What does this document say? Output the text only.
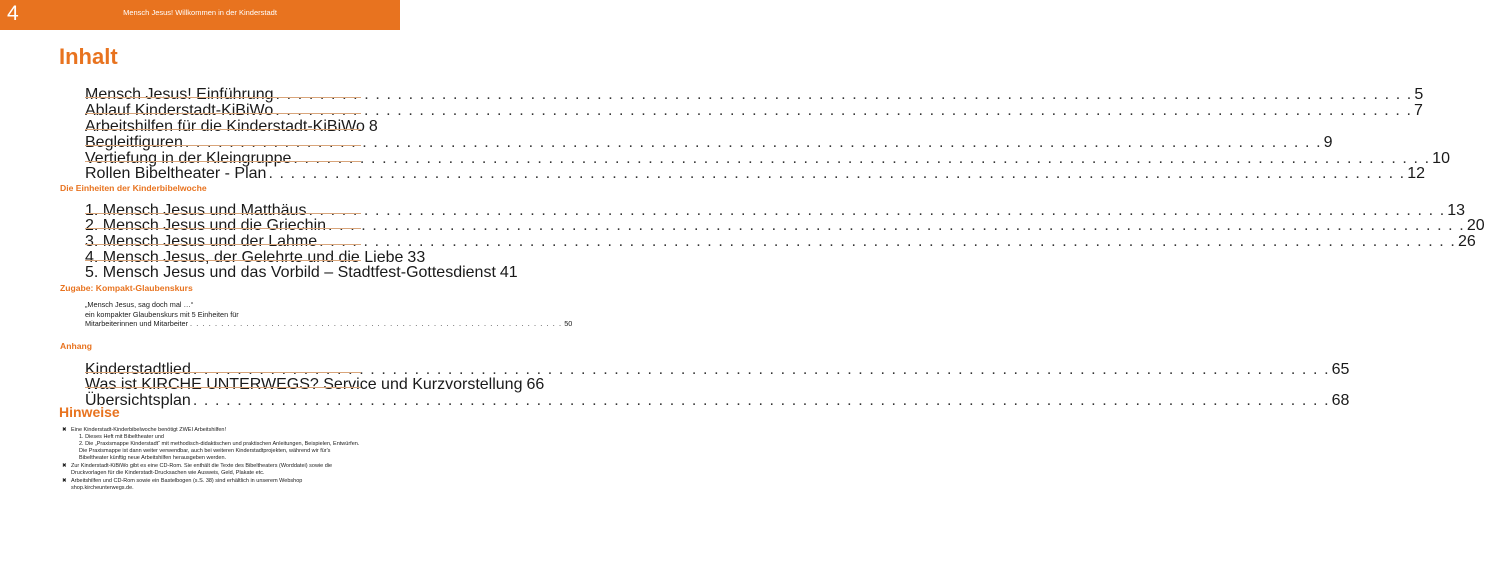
4	Mensch Jesus! Willkommen in der Kinderstadt
Inhalt
Mensch Jesus! Einführung . . .	5
Ablauf Kinderstadt-KiBiWo . . .	7
Arbeitshilfen für die Kinderstadt-KiBiWo 8
Begleitfiguren . . .	9
Vertiefung in der Kleingruppe . . .	10
Rollen Bibeltheater - Plan . . .	12
Die Einheiten der Kinderbibelwoche
1. Mensch Jesus und Matthäus . . .	13
2. Mensch Jesus und die Griechin . . .	20
3. Mensch Jesus und der Lahme . . .	26
4. Mensch Jesus, der Gelehrte und die Liebe 33
5. Mensch Jesus und das Vorbild – Stadtfest-Gottesdienst 41
Zugabe: Kompakt-Glaubenskurs
„Mensch Jesus, sag doch mal …“
ein kompakter Glaubenskurs mit 5 Einheiten für
Mitarbeiterinnen und Mitarbeiter . . .	50
Anhang
Kinderstadtlied . . .	65
Was ist KIRCHE UNTERWEGS? Service und Kurzvorstellung 66
Übersichtsplan . . .	68
Hinweise
✖ Eine Kinderstadt-Kinderbibelwoche benötigt ZWEI Arbeitshilfen!
1. Dieses Heft mit Bibeltheater und
2. Die „Praxismappe Kinderstadt“ mit methodisch-didaktischen und praktischen Anleitungen, Beispielen, Entwürfen. Die Praxismappe ist dann weiter verwendbar, auch bei weiteren Kinderstadtprojekten, während wir für's Bibeltheater künftig neue Arbeitshilfen herausgeben werden.
✖ Zur Kinderstadt-KiBiWo gibt es eine CD-Rom. Sie enthält die Texte des Bibeltheaters (Worddatei) sowie die Druckvorlagen für die Kinderstadt-Drucksachen wie Ausweis, Geld, Plakate etc.
✖ Arbeitshilfen und CD-Rom sowie ein Bastelbogen (s.S. 38) sind erhältlich in unserem Webshop shop.kircheunterwegs.de.
